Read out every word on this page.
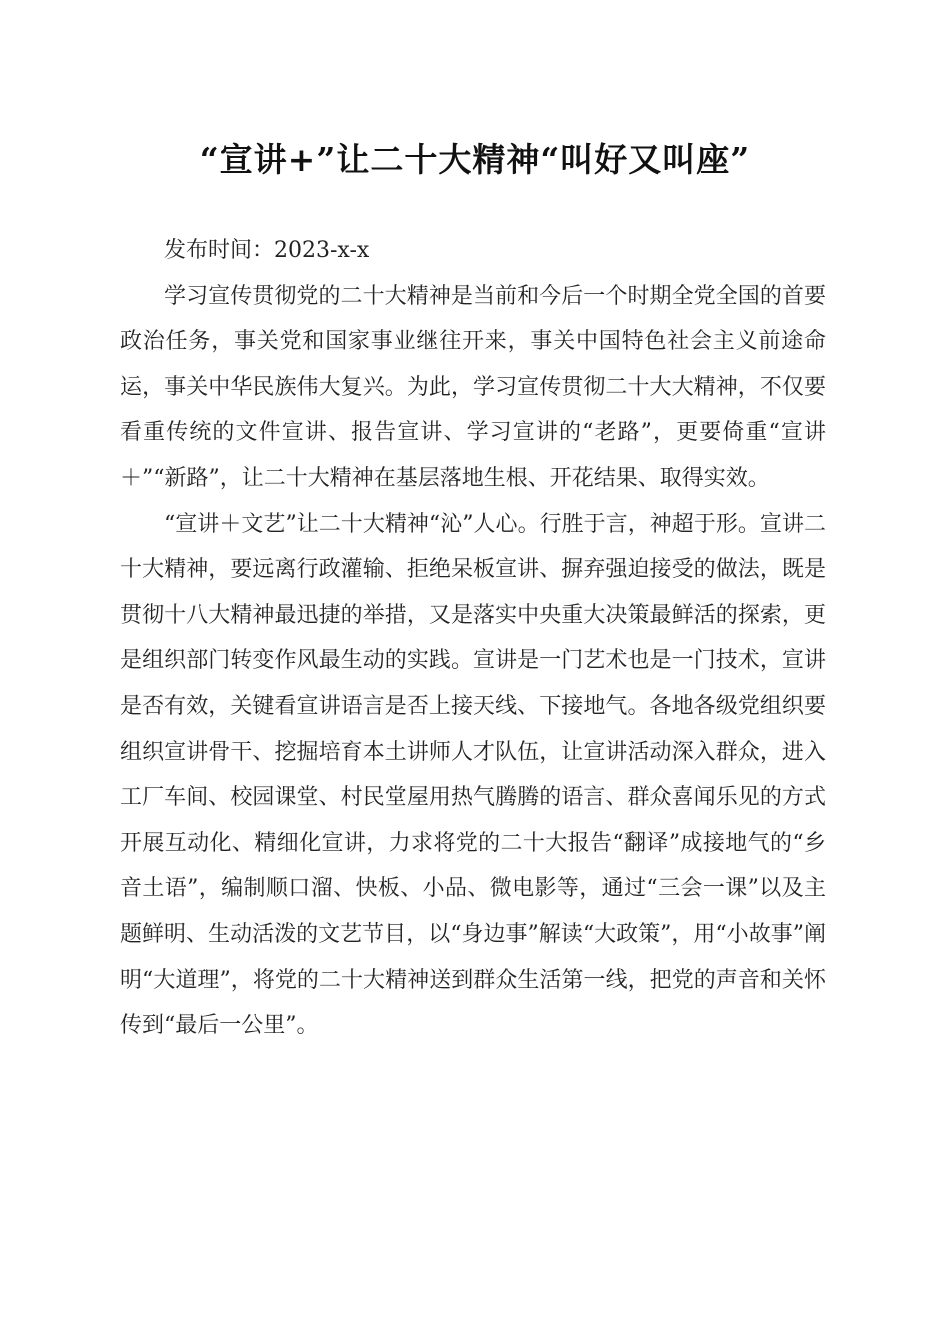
“宣讲+”让二十大精神“叫好又叫座”

发布时间：2023-x-x

学习宣传贯彻党的二十大精神是当前和今后一个时期全党全国的首要政治任务，事关党和国家事业继往开来，事关中国特色社会主义前途命运，事关中华民族伟大复兴。为此，学习宣传贯彻二十大大精神，不仅要看重传统的文件宣讲、报告宣讲、学习宣讲的“老路”，更要倚重“宣讲＋”“新路”，让二十大精神在基层落地生根、开花结果、取得实效。

“宣讲＋文艺”让二十大精神“沁”人心。行胜于言，神超于形。宣讲二十大精神，要远离行政灌输、拒绝呆板宣讲、摒弃强迫接受的做法，既是贯彻十八大精神最迅捷的举措，又是落实中央重大决策最鲜活的探索，更是组织部门转变作风最生动的实践。宣讲是一门艺术也是一门技术，宣讲是否有效，关键看宣讲语言是否上接天线、下接地气。各地各级党组织要组织宣讲骨干、挖掘培育本土讲师人才队伍，让宣讲活动深入群众，进入工厂车间、校园课堂、村民堂屋用热气腾腾的语言、群众喜闻乐见的方式开展互动化、精细化宣讲，力求将党的二十大报告“翻译”成接地气的“乡音土语”，编制顺口溜、快板、小品、微电影等，通过“三会一课”以及主题鲜明、生动活泼的文艺节目，以“身边事”解读“大政策”，用“小故事”阐明“大道理”，将党的二十大精神送到群众生活第一线，把党的声音和关怀传到“最后一公里”。
